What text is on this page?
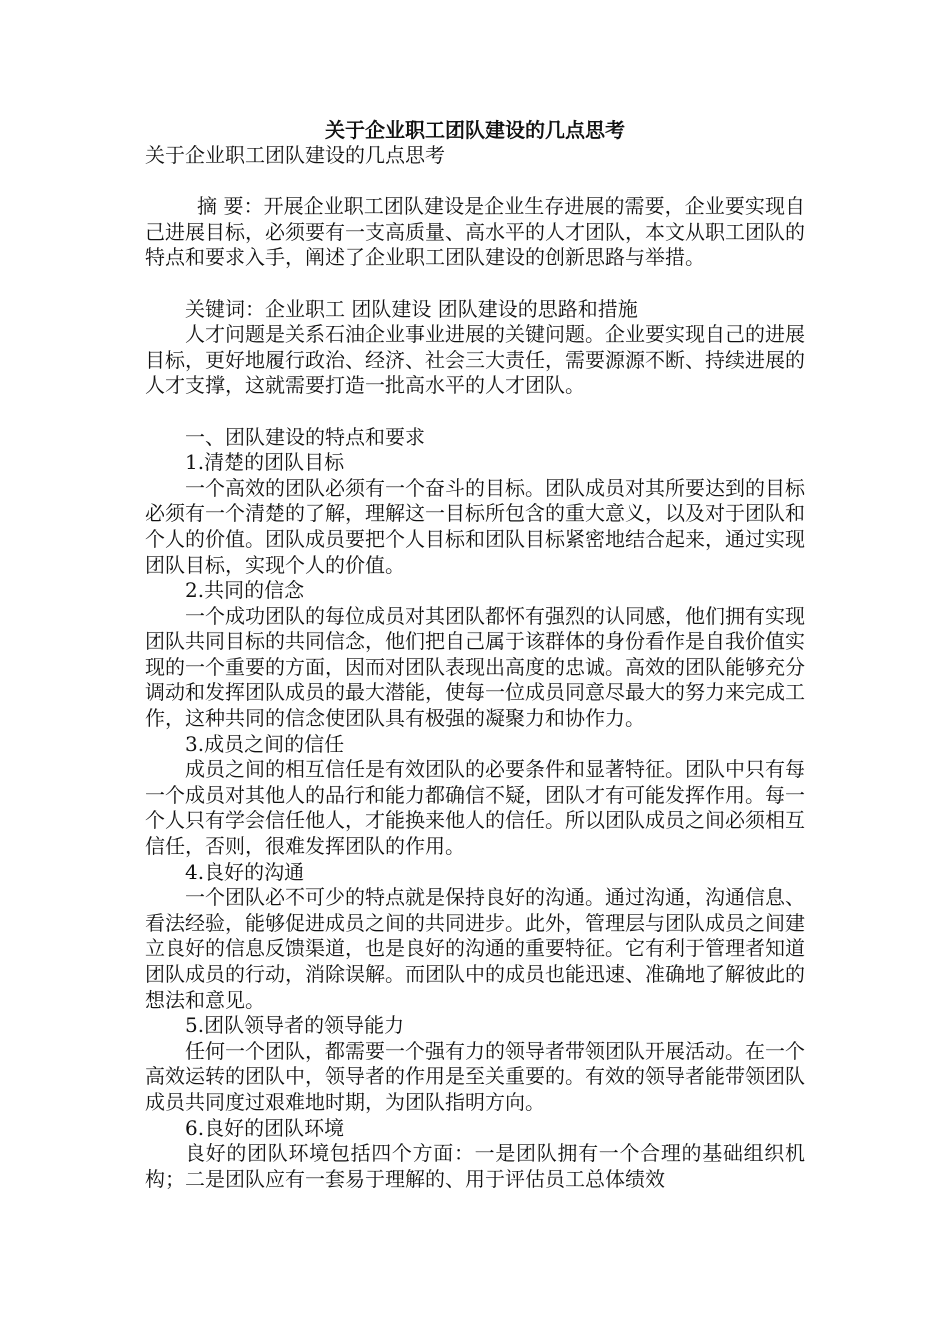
关于企业职工团队建设的几点思考

关于企业职工团队建设的几点思考

摘 要：开展企业职工团队建设是企业生存进展的需要，企业要实现自己进展目标，必须要有一支高质量、高水平的人才团队，本文从职工团队的特点和要求入手，阐述了企业职工团队建设的创新思路与举措。

关键词：企业职工 团队建设 团队建设的思路和措施

人才问题是关系石油企业事业进展的关键问题。企业要实现自己的进展目标，更好地履行政治、经济、社会三大责任，需要源源不断、持续进展的人才支撑，这就需要打造一批高水平的人才团队。

一、团队建设的特点和要求

1.清楚的团队目标

一个高效的团队必须有一个奋斗的目标。团队成员对其所要达到的目标必须有一个清楚的了解，理解这一目标所包含的重大意义，以及对于团队和个人的价值。团队成员要把个人目标和团队目标紧密地结合起来，通过实现团队目标，实现个人的价值。

2.共同的信念

一个成功团队的每位成员对其团队都怀有强烈的认同感，他们拥有实现团队共同目标的共同信念，他们把自己属于该群体的身份看作是自我价值实现的一个重要的方面，因而对团队表现出高度的忠诚。高效的团队能够充分调动和发挥团队成员的最大潜能，使每一位成员同意尽最大的努力来完成工作，这种共同的信念使团队具有极强的凝聚力和协作力。

3.成员之间的信任

成员之间的相互信任是有效团队的必要条件和显著特征。团队中只有每一个成员对其他人的品行和能力都确信不疑，团队才有可能发挥作用。每一个人只有学会信任他人，才能换来他人的信任。所以团队成员之间必须相互信任，否则，很难发挥团队的作用。

4.良好的沟通

一个团队必不可少的特点就是保持良好的沟通。通过沟通，沟通信息、看法经验，能够促进成员之间的共同进步。此外，管理层与团队成员之间建立良好的信息反馈渠道，也是良好的沟通的重要特征。它有利于管理者知道团队成员的行动，消除误解。而团队中的成员也能迅速、准确地了解彼此的想法和意见。

5.团队领导者的领导能力

任何一个团队，都需要一个强有力的领导者带领团队开展活动。在一个高效运转的团队中，领导者的作用是至关重要的。有效的领导者能带领团队成员共同度过艰难地时期，为团队指明方向。

6.良好的团队环境

良好的团队环境包括四个方面：一是团队拥有一个合理的基础组织机构；二是团队应有一套易于理解的、用于评估员工总体绩效
